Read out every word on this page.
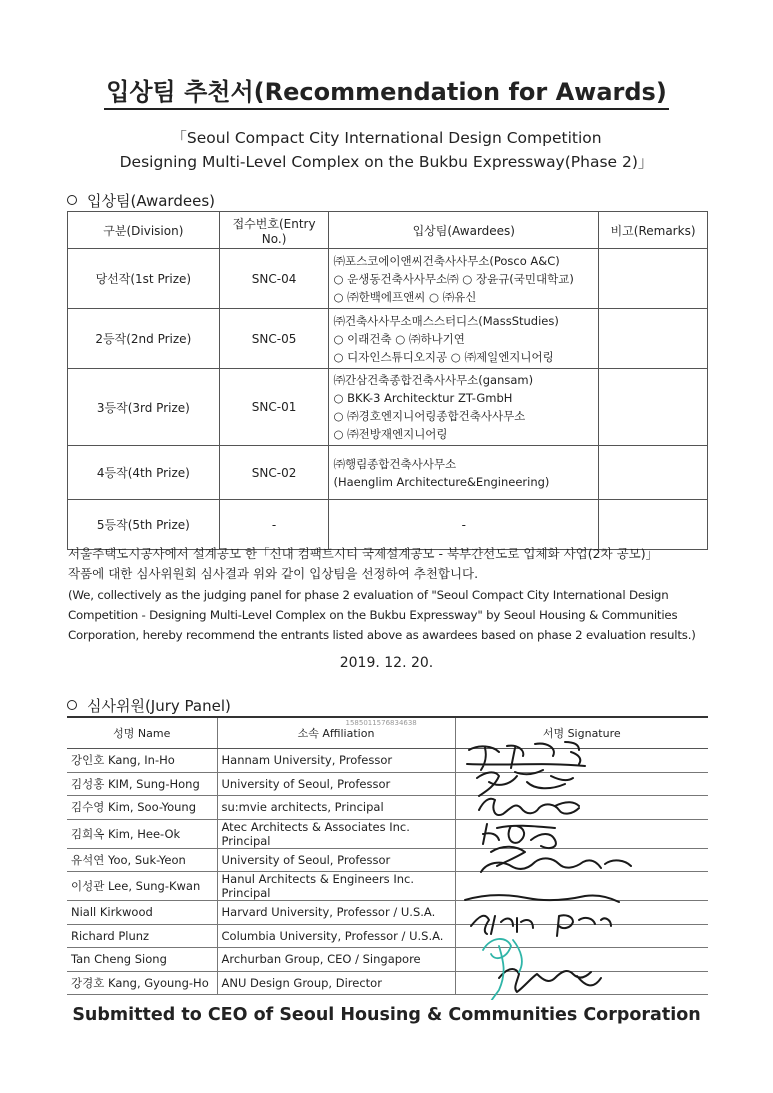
입상팀 추천서(Recommendation for Awards)
「Seoul Compact City International Design Competition
Designing Multi-Level Complex on the Bukbu Expressway(Phase 2)」
입상팀(Awardees)
구분(Division)	접수번호(Entry No.)	입상팀(Awardees)	비고(Remarks)
당선작(1st Prize)	SNC-04	㈜포스코에이앤씨건축사사무소(Posco A&C)
○ 운생동건축사사무소㈜ ○ 장윤규(국민대학교)
○ ㈜한백에프앤씨 ○ ㈜유신	

2등작(2nd Prize)	SNC-05	㈜건축사사무소매스스터디스(MassStudies)
○ 이래건축 ○ ㈜하나기연
○ 디자인스튜디오지공 ○ ㈜제일엔지니어링	

3등작(3rd Prize)	SNC-01	㈜간삼건축종합건축사사무소(gansam)
○ BKK-3 Architecktur ZT-GmbH
○ ㈜경호엔지니어링종합건축사사무소
○ ㈜전방재엔지니어링	

4등작(4th Prize)	SNC-02	㈜행림종합건축사사무소
(Haenglim Architecture&Engineering)	

5등작(5th Prize)	-	-	
서울주택도시공사에서 설계공모 한「신내 컴팩트시티 국제설계공모 - 북부간선도로 입체화 사업(2차 공모)」
작품에 대한 심사위원회 심사결과 위와 같이 입상팀을 선정하여 추천합니다.
(We, collectively as the judging panel for phase 2 evaluation of "Seoul Compact City International Design
Competition - Designing Multi-Level Complex on the Bukbu Expressway" by Seoul Housing & Communities
Corporation, hereby recommend the entrants listed above as awardees based on phase 2 evaluation results.)
2019. 12. 20.
심사위원(Jury Panel)
성명 Name	소속 Affiliation
1585011576834638	서명 Signature
강인호 Kang, In-Ho	Hannam University, Professor	
김성홍 KIM, Sung-Hong	University of Seoul, Professor	
김수영 Kim, Soo-Young	su:mvie architects, Principal	
김희옥 Kim, Hee-Ok	Atec Architects & Associates Inc. Principal	
유석연 Yoo, Suk-Yeon	University of Seoul, Professor	
이성관 Lee, Sung-Kwan	Hanul Architects & Engineers Inc. Principal	
Niall Kirkwood	Harvard University, Professor / U.S.A.	
Richard Plunz	Columbia University, Professor / U.S.A.	
Tan Cheng Siong	Archurban Group, CEO / Singapore	
강경호 Kang, Gyoung-Ho	ANU Design Group, Director	
Submitted to CEO of Seoul Housing & Communities Corporation
